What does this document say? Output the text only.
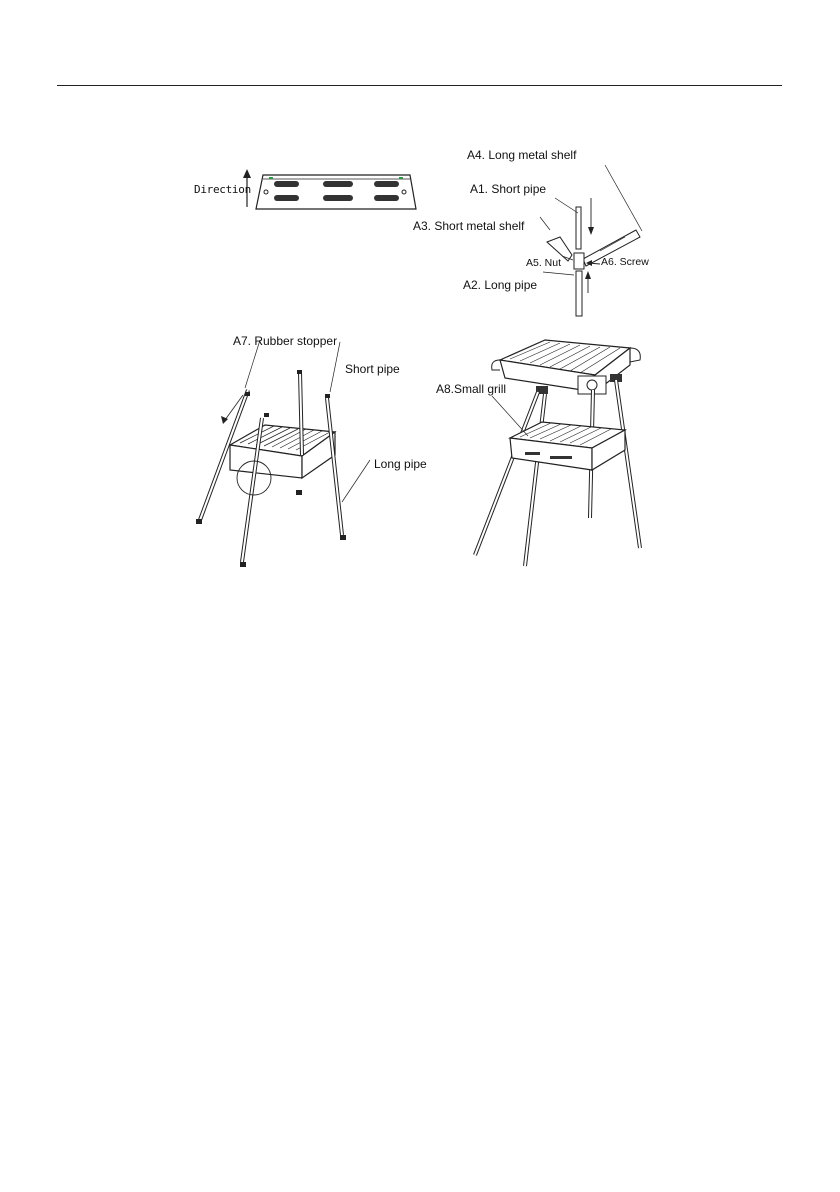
Direction
A4. Long metal shelf
A1. Short pipe
A3. Short metal shelf
A5. Nut	A6. Screw
A2. Long pipe
A7. Rubber stopper
Short pipe
Long pipe
A8.Small grill
